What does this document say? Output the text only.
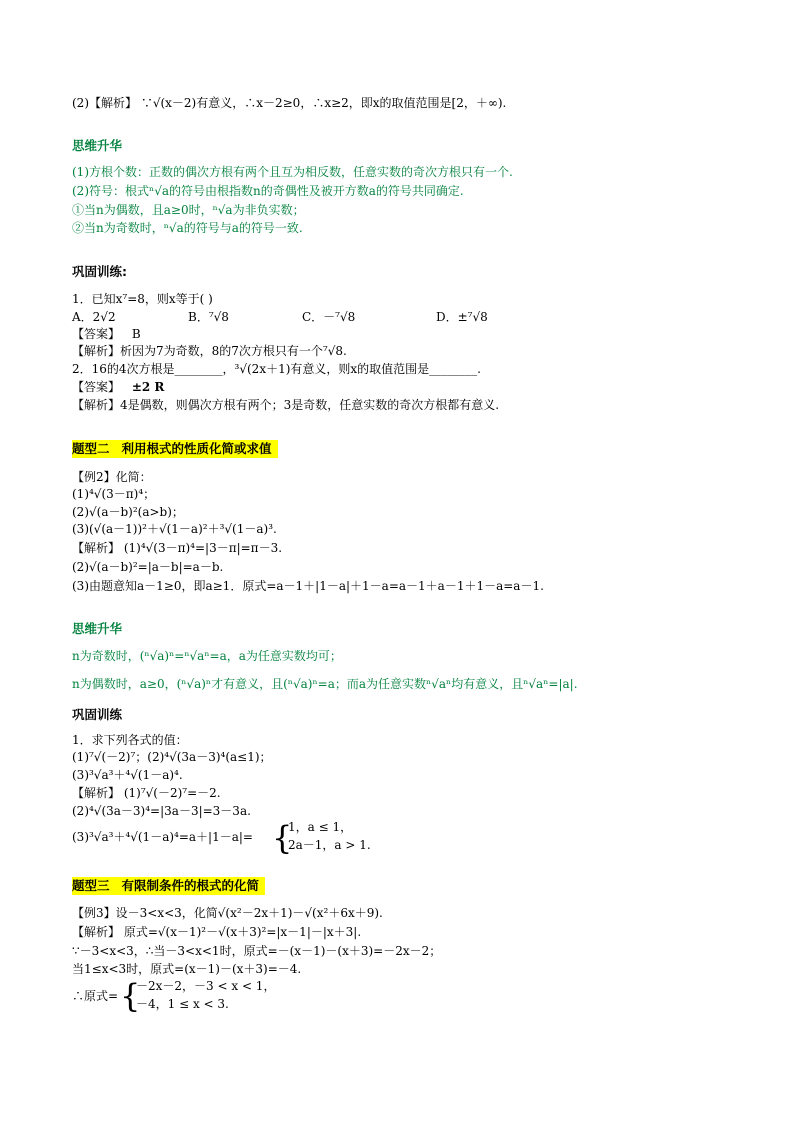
(2)【解析】 ∵√(x－2)有意义，∴x－2≥0，∴x≥2，即x的取值范围是[2，＋∞).
思维升华
(1)方根个数：正数的偶次方根有两个且互为相反数，任意实数的奇次方根只有一个.
(2)符号：根式ⁿ√a的符号由根指数n的奇偶性及被开方数a的符号共同确定.
①当n为偶数，且a≥0时，ⁿ√a为非负实数；
②当n为奇数时，ⁿ√a的符号与a的符号一致.
巩固训练:
1．已知x⁷=8，则x等于( )
A．2√2	B．⁷√8	C．－⁷√8	D．±⁷√8
【答案】 B
【解析】析因为7为奇数，8的7次方根只有一个⁷√8.
2．16的4次方根是________，³√(2x＋1)有意义，则x的取值范围是________.
【答案】 ±2 R
【解析】4是偶数，则偶次方根有两个；3是奇数，任意实数的奇次方根都有意义.
题型二 利用根式的性质化简或求值
【例2】化简：
(1)⁴√(3－π)⁴；
(2)√(a－b)²(a>b)；
(3)(√(a－1))²＋√(1－a)²＋³√(1－a)³.
【解析】 (1)⁴√(3－π)⁴=|3－π|=π－3.
(2)√(a－b)²=|a－b|=a－b.
(3)由题意知a－1≥0，即a≥1．原式=a－1＋|1－a|＋1－a=a－1＋a－1＋1－a=a－1.
思维升华
n为奇数时，(ⁿ√a)ⁿ=ⁿ√aⁿ=a，a为任意实数均可；
n为偶数时，a≥0，(ⁿ√a)ⁿ才有意义，且(ⁿ√a)ⁿ=a；而a为任意实数ⁿ√aⁿ均有意义，且ⁿ√aⁿ=|a|.
巩固训练
1．求下列各式的值：
(1)⁷√(－2)⁷；(2)⁴√(3a－3)⁴(a≤1)；
(3)³√a³＋⁴√(1－a)⁴.
【解析】 (1)⁷√(－2)⁷=－2.
(2)⁴√(3a－3)⁴=|3a－3|=3－3a.
(3)³√a³＋⁴√(1－a)⁴=a＋|1－a|= {
1，a ≤ 1，
2a－1，a > 1.
题型三 有限制条件的根式的化简
【例3】设－3<x<3，化简√(x²－2x＋1)－√(x²＋6x＋9).
【解析】 原式=√(x－1)²－√(x＋3)²=|x－1|－|x＋3|.
∵－3<x<3，∴当－3<x<1时，原式=－(x－1)－(x＋3)=－2x－2；
当1≤x<3时，原式=(x－1)－(x＋3)=－4.
∴原式= {
－2x－2，－3 < x < 1，
－4，1 ≤ x < 3.
